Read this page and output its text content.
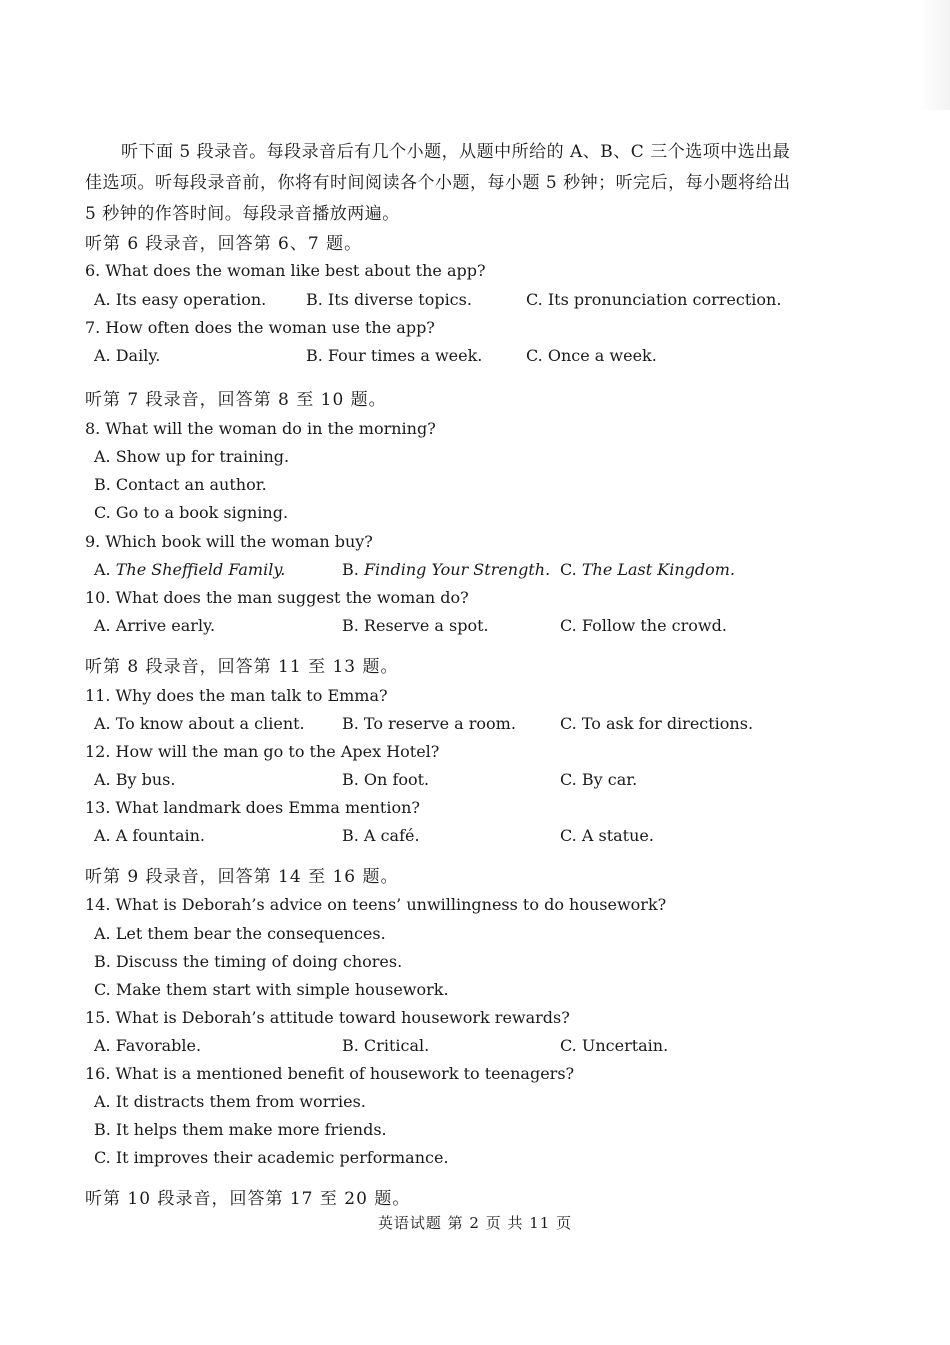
听下面 5 段录音。每段录音后有几个小题，从题中所给的 A、B、C 三个选项中选出最佳选项。听每段录音前，你将有时间阅读各个小题，每小题 5 秒钟；听完后，每小题将给出 5 秒钟的作答时间。每段录音播放两遍。
听第 6 段录音，回答第 6、7 题。
6. What does the woman like best about the app?
A. Its easy operation. B. Its diverse topics.	C. Its pronunciation correction.
7. How often does the woman use the app?
A. Daily.	B. Four times a week.	C. Once a week.
听第 7 段录音，回答第 8 至 10 题。
8. What will the woman do in the morning?
A. Show up for training.
B. Contact an author.
C. Go to a book signing.
9. Which book will the woman buy?
A. The Sheffield Family.	B. Finding Your Strength. C. The Last Kingdom.
10. What does the man suggest the woman do?
A. Arrive early.	B. Reserve a spot.	C. Follow the crowd.
听第 8 段录音，回答第 11 至 13 题。
11. Why does the man talk to Emma?
A. To know about a client. B. To reserve a room.	C. To ask for directions.
12. How will the man go to the Apex Hotel?
A. By bus.	B. On foot.	C. By car.
13. What landmark does Emma mention?
A. A fountain.	B. A café.	C. A statue.
听第 9 段录音，回答第 14 至 16 题。
14. What is Deborah’s advice on teens’ unwillingness to do housework?
A. Let them bear the consequences.
B. Discuss the timing of doing chores.
C. Make them start with simple housework.
15. What is Deborah’s attitude toward housework rewards?
A. Favorable.	B. Critical.	C. Uncertain.
16. What is a mentioned benefit of housework to teenagers?
A. It distracts them from worries.
B. It helps them make more friends.
C. It improves their academic performance.
听第 10 段录音，回答第 17 至 20 题。
英语试题 第 2 页 共 11 页
